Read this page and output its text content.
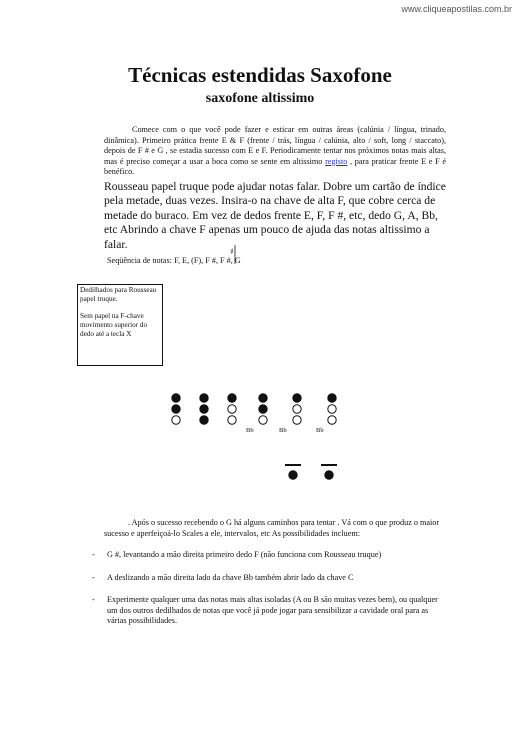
www.cliqueapostilas.com.br
Técnicas estendidas Saxofone
saxofone altissimo
Comece com o que você pode fazer e esticar em outras áreas (calúnia / língua, trinado, dinâmica). Primeiro prática frente E & F (frente / trás, língua / calúnia, alto / soft, long / staccato), depois de F # e G , se estadia sucesso com E e F. Periodicamente tentar nos próximos notas mais altas, mas é preciso começar a usar a boca como se sente em altissimo registo , para praticar frente E e F é benéfico.
Rousseau papel truque pode ajudar notas falar. Dobre um cartão de índice pela metade, duas vezes. Insira-o na chave de alta F, que cobre cerca de metade do buraco. Em vez de dedos frente E, F, F #, etc, dedo G, A, Bb, etc Abrindo a chave F apenas um pouco de ajuda das notas altissimo a falar.
Seqüência de notas: F, E, (F), F #, F #, G
♯
Dedilhados para Rousseau papel truque.
Sem papel na F-chave movimento superior do dedo até a tecla X
Bb	Bb	Bb
. Após o sucesso recebendo o G há alguns caminhos para tentar . Vá com o que produz o maior sucesso e aperfeiçoá-lo Scales a ele, intervalos, etc As possibilidades incluem:
- G #, levantando a mão direita primeiro dedo F (não funciona com Rousseau truque)
- A deslizando a mão direita lado da chave Bb também abrir lado da chave C
- Experimente qualquer uma das notas mais altas isoladas (A ou B são muitas vezes bem), ou qualquer um dos outros dedilhados de notas que você já pode jogar para sensibilizar a cavidade oral para as várias possibilidades.
